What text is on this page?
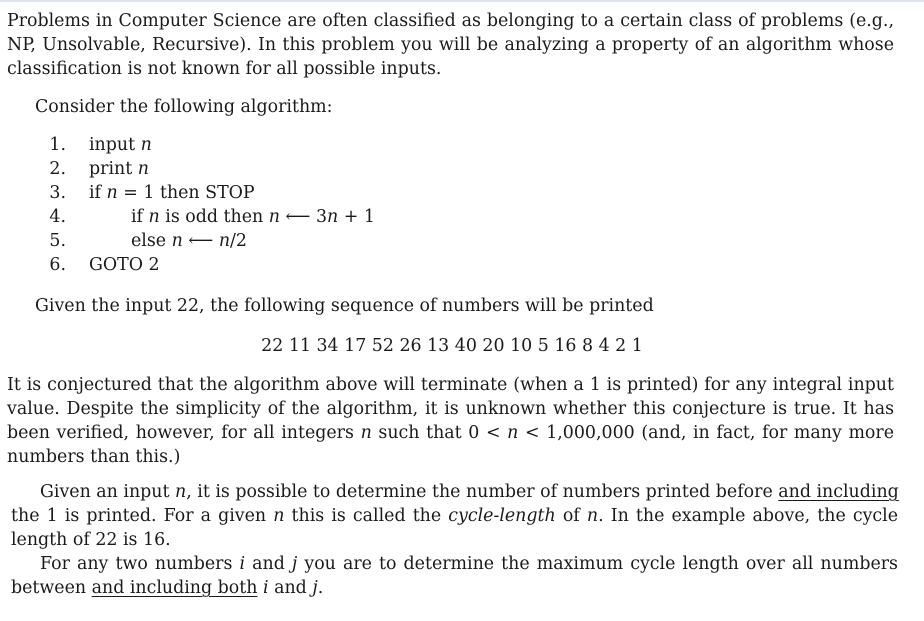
Problems in Computer Science are often classified as belonging to a certain class of problems (e.g.,
NP, Unsolvable, Recursive). In this problem you will be analyzing a property of an algorithm whose
classification is not known for all possible inputs.
Consider the following algorithm:
1. input n
2. print n
3. if n = 1 then STOP
4.	if n is odd then n ⟵ 3n + 1
5.	else n ⟵ n/2
6. GOTO 2
Given the input 22, the following sequence of numbers will be printed
22 11 34 17 52 26 13 40 20 10 5 16 8 4 2 1
It is conjectured that the algorithm above will terminate (when a 1 is printed) for any integral input
value. Despite the simplicity of the algorithm, it is unknown whether this conjecture is true. It has
been verified, however, for all integers n such that 0 < n < 1,000,000 (and, in fact, for many more
numbers than this.)
Given an input n, it is possible to determine the number of numbers printed before and including
the 1 is printed. For a given n this is called the cycle-length of n. In the example above, the cycle
length of 22 is 16.
For any two numbers i and j you are to determine the maximum cycle length over all numbers
between and including both i and j.
